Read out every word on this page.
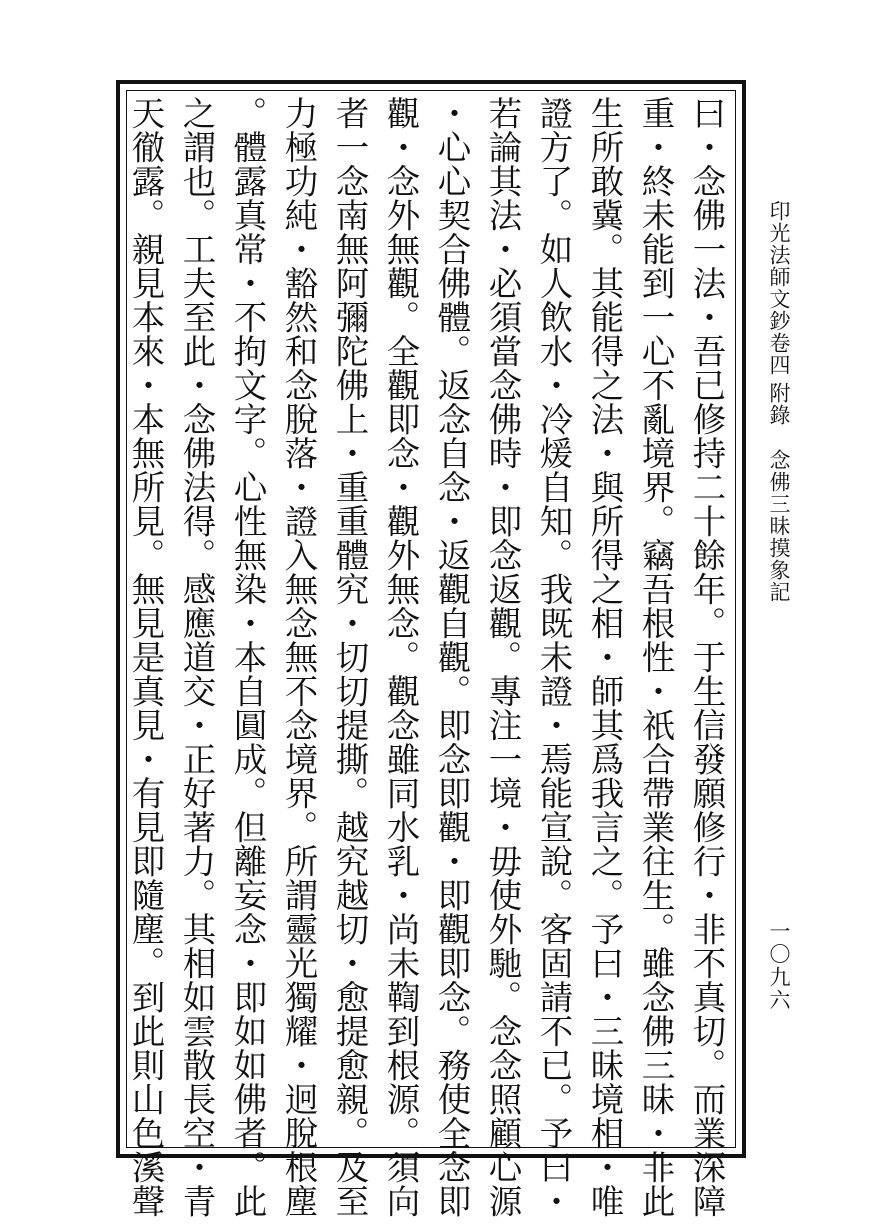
曰・念佛一法・吾已修持二十餘年。于生信發願修行・非不真切。而業深障
重・終未能到一心不亂境界。竊吾根性・祇合帶業往生。雖念佛三昧・非此
生所敢冀。其能得之法・與所得之相・師其爲我言之。予曰・三昧境相・唯
證方了。如人飲水・冷煖自知。我既未證・焉能宣說。客固請不已。予曰・
若論其法・必須當念佛時・即念返觀。專注一境・毋使外馳。念念照顧心源
・心心契合佛體。返念自念・返觀自觀。即念即觀・即觀即念。務使全念即
觀・念外無觀。全觀即念・觀外無念。觀念雖同水乳・尚未鞫到根源。須向
者一念南無阿彌陀佛上・重重體究・切切提撕。越究越切・愈提愈親。及至
力極功純・豁然和念脫落・證入無念無不念境界。所謂靈光獨耀・迥脫根塵
。體露真常・不拘文字。心性無染・本自圓成。但離妄念・即如如佛者。此
之謂也。工夫至此・念佛法得。感應道交・正好著力。其相如雲散長空・青
天徹露。親見本來・本無所見。無見是真見・有見即隨塵。到此則山色溪聲	印光法師文鈔卷四
附錄
念佛三昧摸象記
一〇九六
